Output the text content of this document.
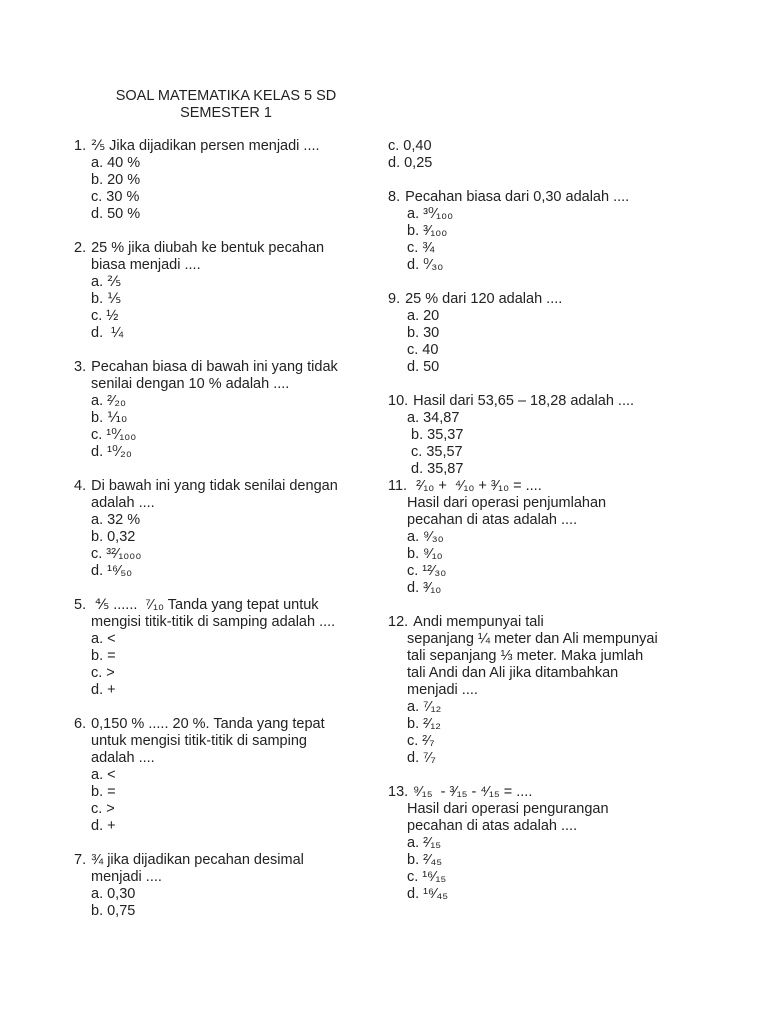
SOAL MATEMATIKA KELAS 5 SD
SEMESTER 1
1. ⅖ Jika dijadikan persen menjadi ....
a. 40 %
b. 20 %
c. 30 %
d. 50 %
2. 25 % jika diubah ke bentuk pecahan
biasa menjadi ....
a. ⅖
b. ⅕
c. ½
d.  ¼
3. Pecahan biasa di bawah ini yang tidak
senilai dengan 10 % adalah ....
a. ²⁄₂₀
b. ⅒
c. ¹⁰⁄₁₀₀
d. ¹⁰⁄₂₀
4. Di bawah ini yang tidak senilai dengan
adalah ....
a. 32 %
b. 0,32
c. ³²⁄₁₀₀₀
d. ¹⁶⁄₅₀
5. ⅘ ......  ⁷⁄₁₀ Tanda yang tepat untuk
mengisi titik-titik di samping adalah ....
a. <
b. =
c. >
d. +
6. 0,150 % ..... 20 %. Tanda yang tepat
untuk mengisi titik-titik di samping
adalah ....
a. <
b. =
c. >
d. +
7. ¾ jika dijadikan pecahan desimal
menjadi ....
a. 0,30
b. 0,75
c. 0,40
d. 0,25
8. Pecahan biasa dari 0,30 adalah ....
a. ³⁰⁄₁₀₀
b. ³⁄₁₀₀
c. ¾
d. ⁰⁄₃₀
9. 25 % dari 120 adalah ....
a. 20
b. 30
c. 40
d. 50
10. Hasil dari 53,65 – 18,28 adalah ....
a. 34,87
b. 35,37
c. 35,57
d. 35,87
11. ²⁄₁₀ +  ⁴⁄₁₀ + ³⁄₁₀ = ....
Hasil dari operasi penjumlahan
pecahan di atas adalah ....
a. ⁹⁄₃₀
b. ⁹⁄₁₀
c. ¹²⁄₃₀
d. ³⁄₁₀
12. Andi mempunyai tali
sepanjang ¼ meter dan Ali mempunyai
tali sepanjang ⅓ meter. Maka jumlah
tali Andi dan Ali jika ditambahkan
menjadi ....
a. ⁷⁄₁₂
b. ²⁄₁₂
c. ²⁄₇
d. ⁷⁄₇
13. ⁹⁄₁₅  - ³⁄₁₅ - ⁴⁄₁₅ = ....
Hasil dari operasi pengurangan
pecahan di atas adalah ....
a. ²⁄₁₅
b. ²⁄₄₅
c. ¹⁶⁄₁₅
d. ¹⁶⁄₄₅
